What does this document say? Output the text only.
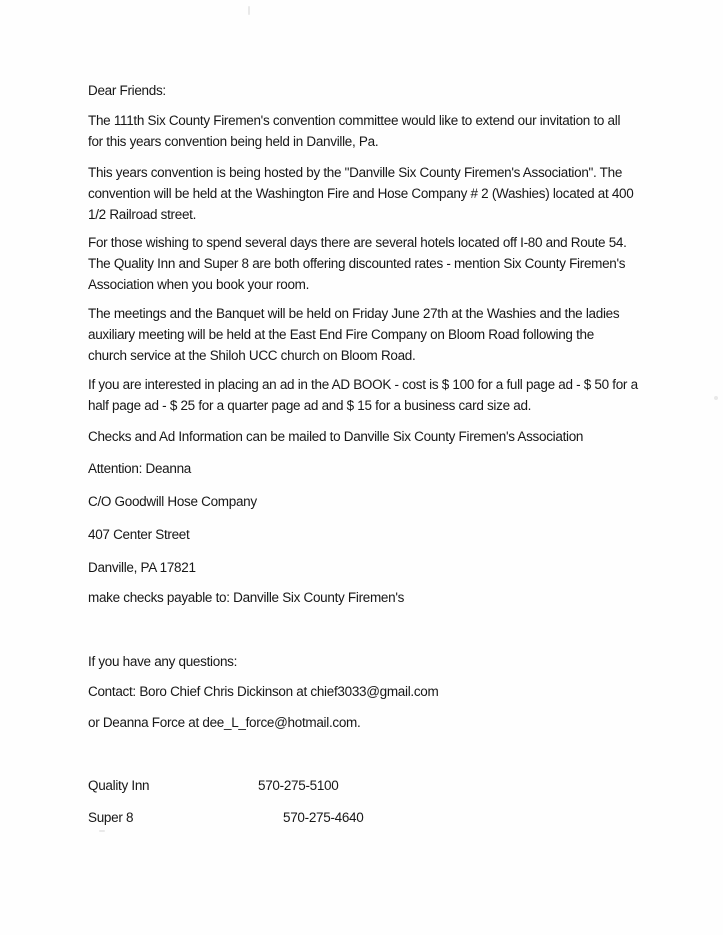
Dear Friends:
The 111th Six County Firemen's convention committee would like to extend our invitation to all
for this years convention being held in Danville, Pa.
This years convention is being hosted by the "Danville Six County Firemen's Association". The
convention will be held at the Washington Fire and Hose Company # 2 (Washies) located at 400
1/2 Railroad street.
For those wishing to spend several days there are several hotels located off I-80 and Route 54.
The Quality Inn and Super 8 are both offering discounted rates - mention Six County Firemen's
Association when you book your room.
The meetings and the Banquet will be held on Friday June 27th at the Washies and the ladies
auxiliary meeting will be held at the East End Fire Company on Bloom Road following the
church service at the Shiloh UCC church on Bloom Road.
If you are interested in placing an ad in the AD BOOK - cost is $ 100 for a full page ad - $ 50 for a
half page ad - $ 25 for a quarter page ad and $ 15 for a business card size ad.
Checks and Ad Information can be mailed to Danville Six County Firemen's Association
Attention: Deanna
C/O Goodwill Hose Company
407 Center Street
Danville, PA 17821
make checks payable to: Danville Six County Firemen's
If you have any questions:
Contact: Boro Chief Chris Dickinson at chief3033@gmail.com
or Deanna Force at dee_L_force@hotmail.com.
Quality Inn	570-275-5100
Super 8	570-275-4640
